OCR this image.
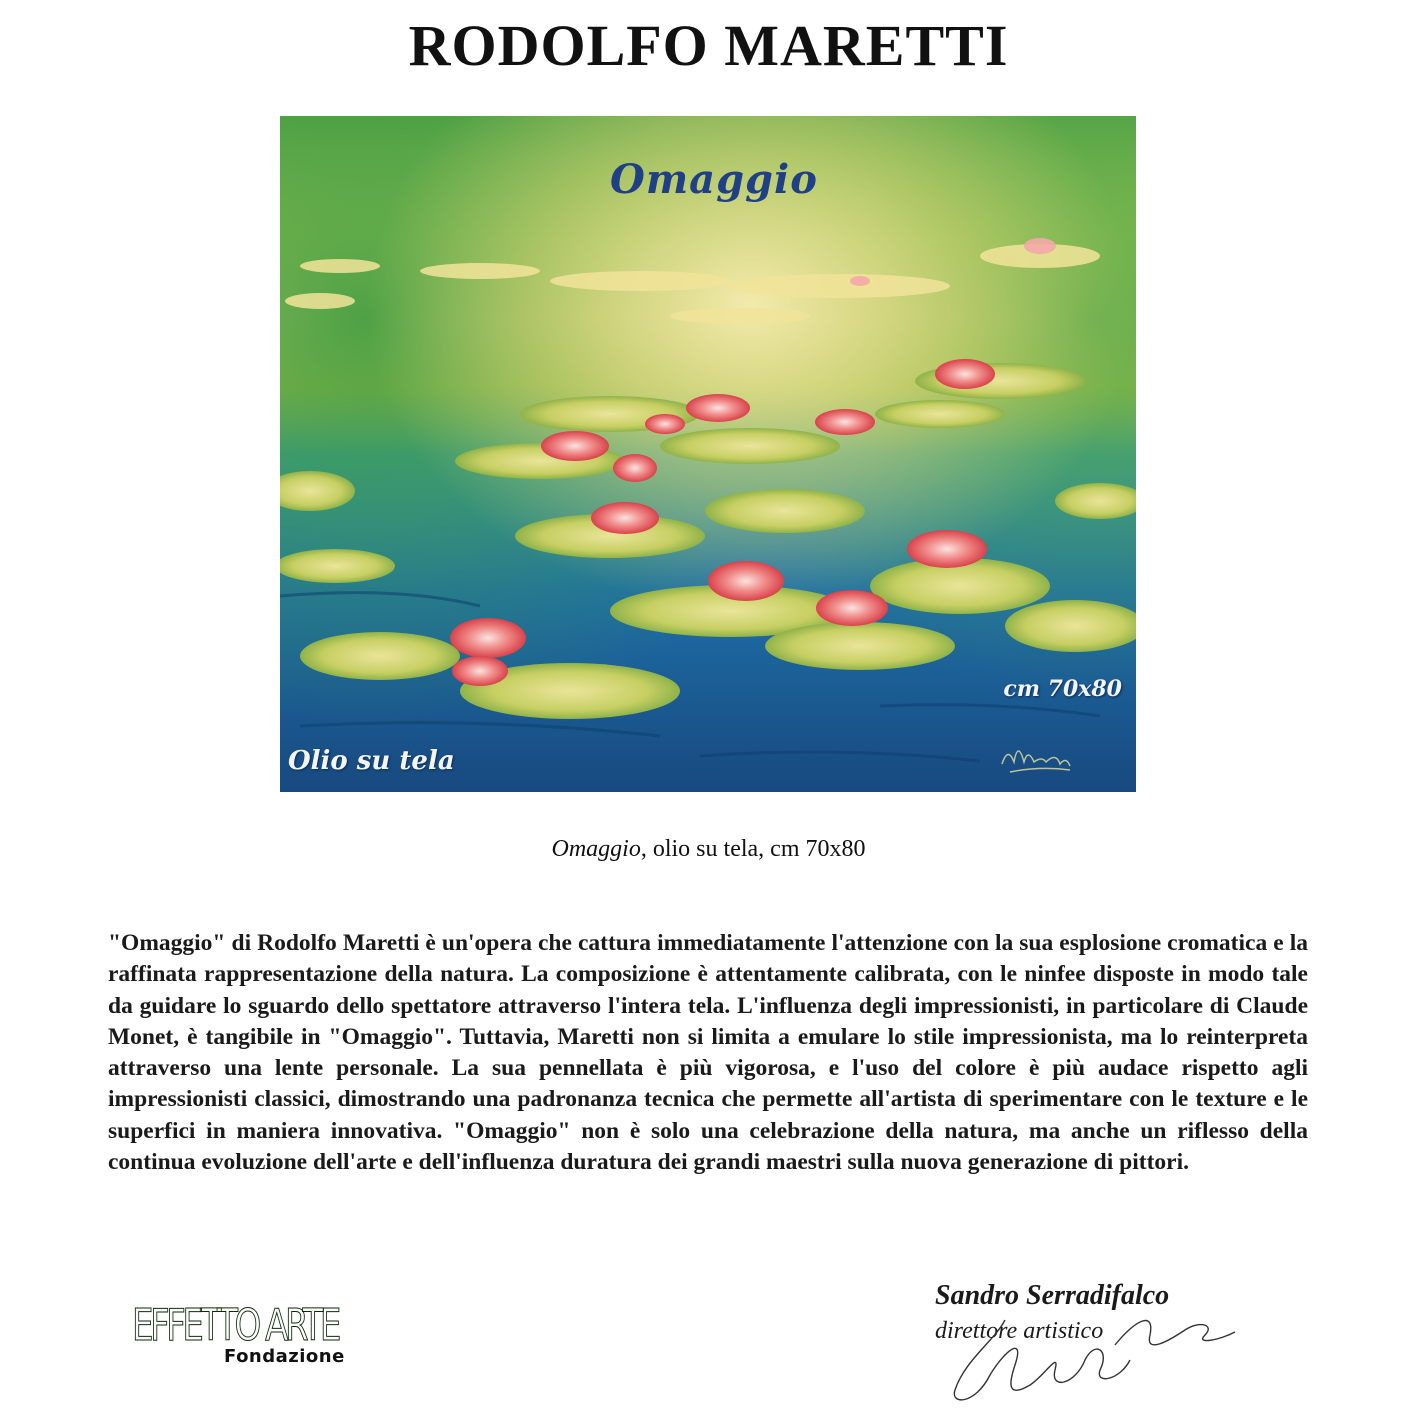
RODOLFO MARETTI
Omaggio
cm 70x80
Olio su tela

Omaggio, olio su tela, cm 70x80

"Omaggio" di Rodolfo Maretti è un'opera che cattura immediatamente l'attenzione con la sua esplosione cromatica e la raffinata rappresentazione della natura. La composizione è attentamente calibrata, con le ninfee disposte in modo tale da guidare lo sguardo dello spettatore attraverso l'intera tela. L'influenza degli impressionisti, in particolare di Claude Monet, è tangibile in "Omaggio". Tuttavia, Maretti non si limita a emulare lo stile impressionista, ma lo reinterpreta attraverso una lente personale. La sua pennellata è più vigorosa, e l'uso del colore è più audace rispetto agli impressionisti classici, dimostrando una padronanza tecnica che permette all'artista di sperimentare con le texture e le superfici in maniera innovativa. "Omaggio" non è solo una celebrazione della natura, ma anche un riflesso della continua evoluzione dell'arte e dell'influenza duratura dei grandi maestri sulla nuova generazione di pittori.

EFFETTO ARTE
Fondazione
Sandro Serradifalco
direttore artistico
